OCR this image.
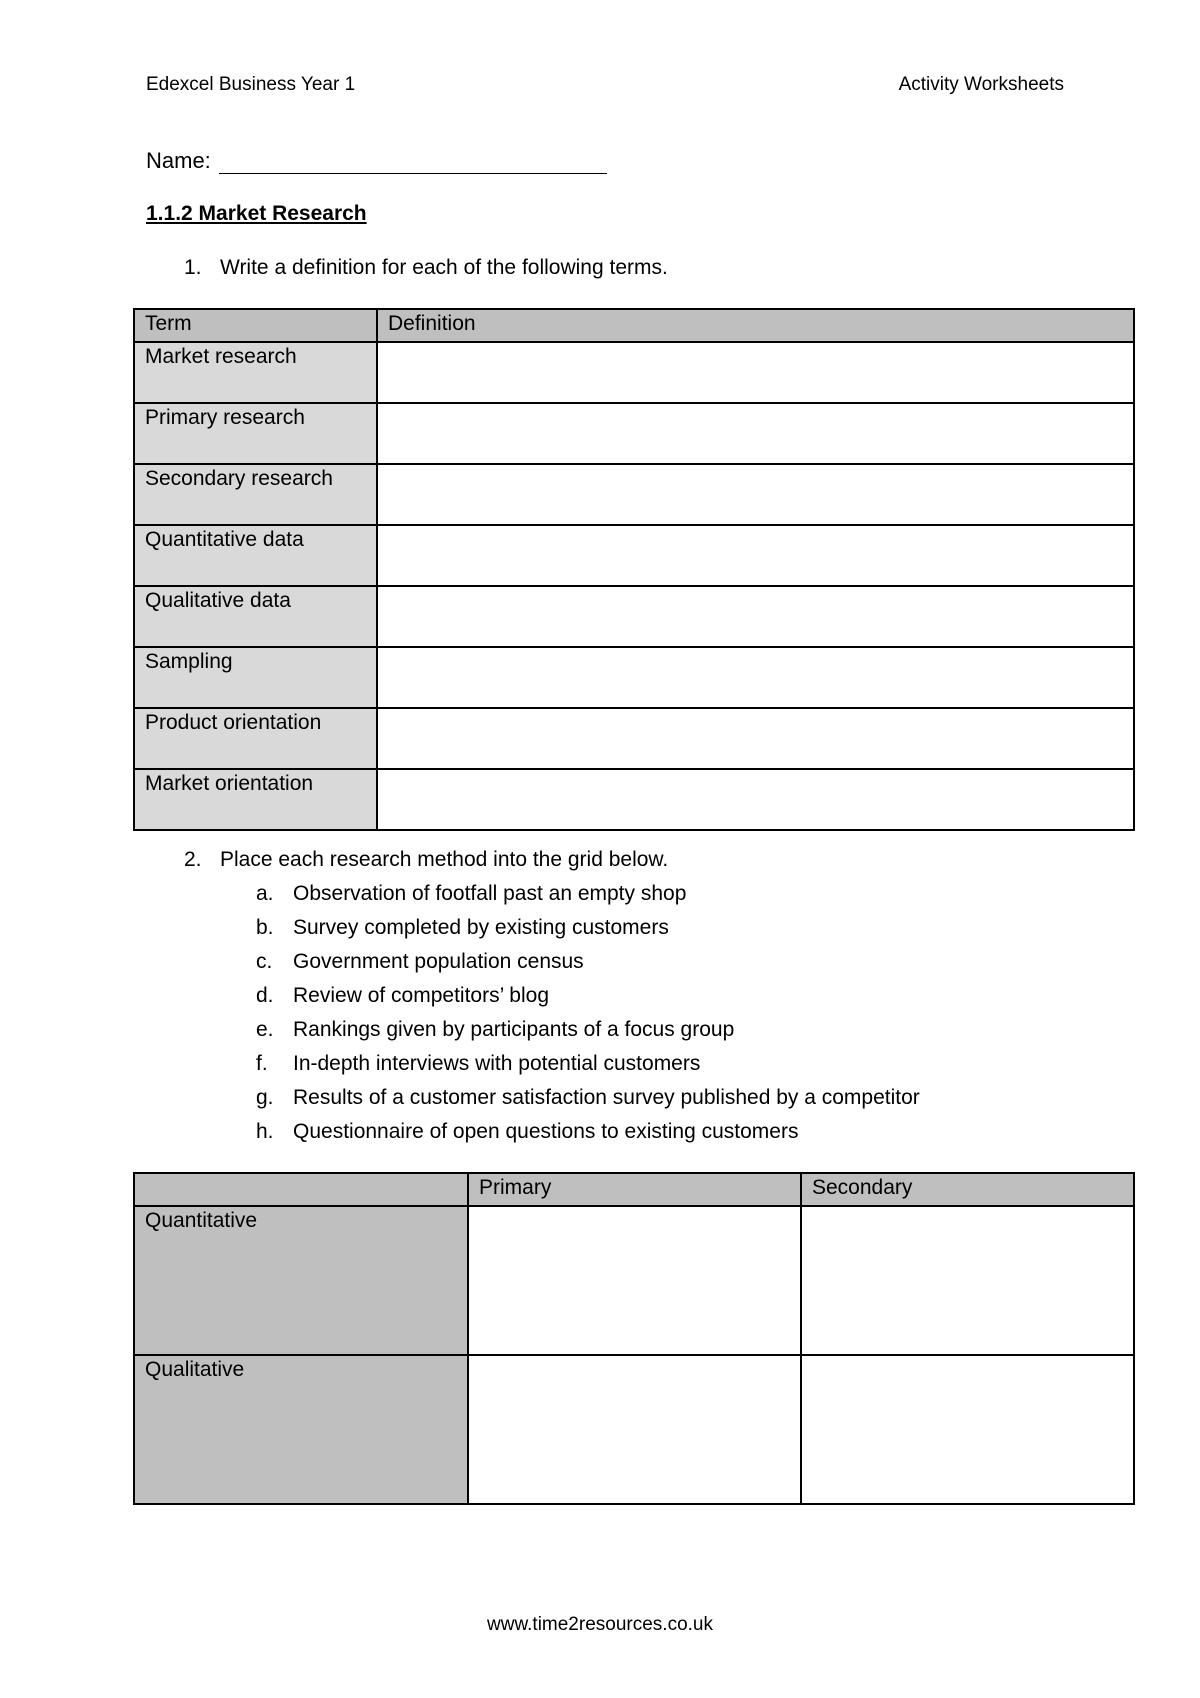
Edexcel Business Year 1	Activity Worksheets
Name:
1.1.2 Market Research
1. Write a definition for each of the following terms.
Term	Definition
Market research	
Primary research	
Secondary research	
Quantitative data	
Qualitative data	
Sampling	
Product orientation	
Market orientation	
2. Place each research method into the grid below.
a. Observation of footfall past an empty shop
b. Survey completed by existing customers
c. Government population census
d. Review of competitors’ blog
e. Rankings given by participants of a focus group
f.	In-depth interviews with potential customers
g. Results of a customer satisfaction survey published by a competitor
h. Questionnaire of open questions to existing customers
	Primary	Secondary
Quantitative		
Qualitative		
www.time2resources.co.uk
